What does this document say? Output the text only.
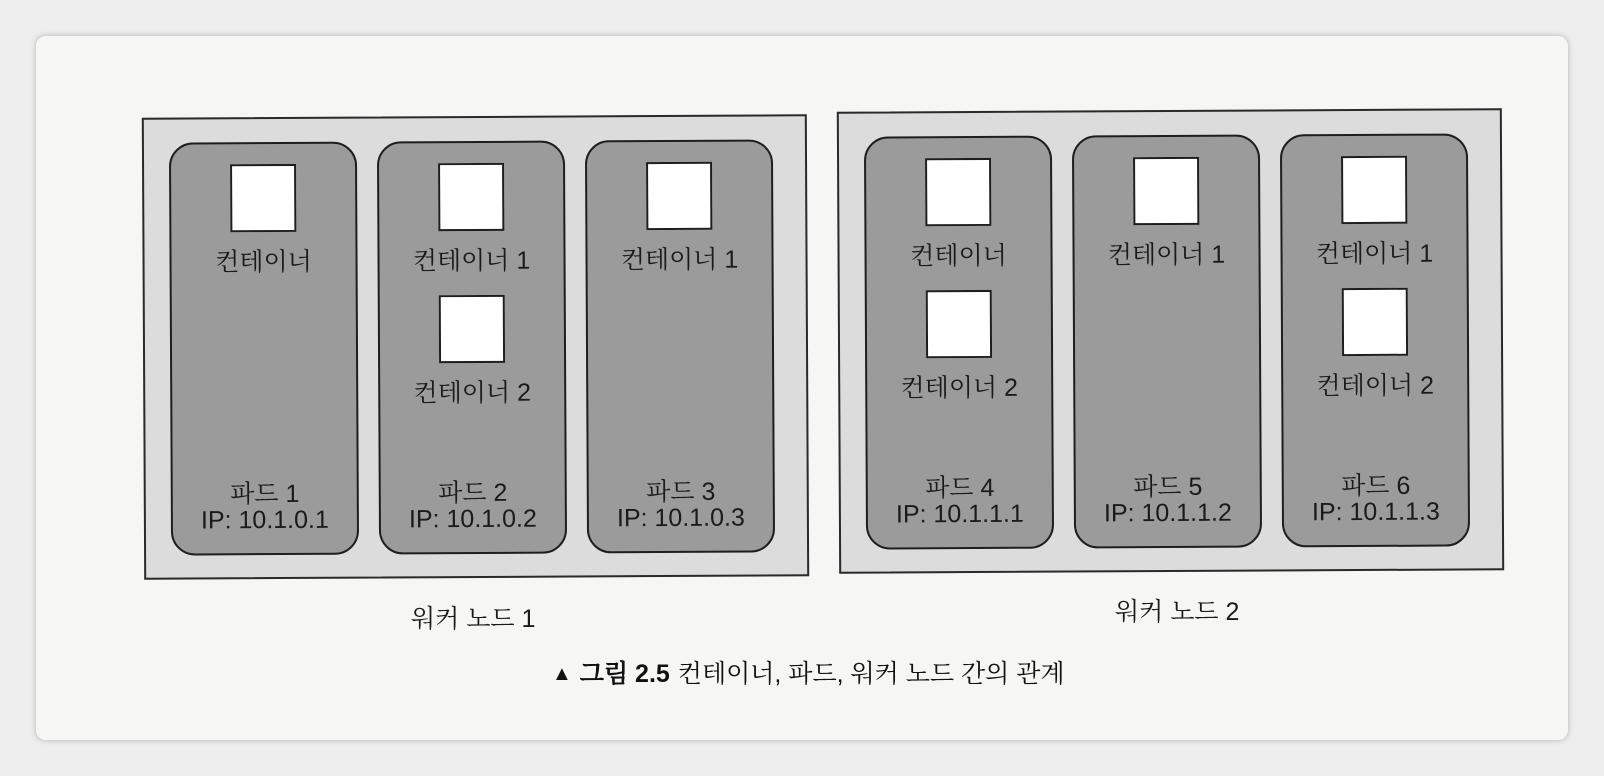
컨테이너
파드 1
IP: 10.1.0.1
컨테이너 1
컨테이너 2
파드 2
IP: 10.1.0.2
컨테이너 1
파드 3
IP: 10.1.0.3
컨테이너
컨테이너 2
파드 4
IP: 10.1.1.1
컨테이너 1
파드 5
IP: 10.1.1.2
컨테이너 1
컨테이너 2
파드 6
IP: 10.1.1.3
워커 노드 1	워커 노드 2
▲ 그림 2.5 컨테이너, 파드, 워커 노드 간의 관계
